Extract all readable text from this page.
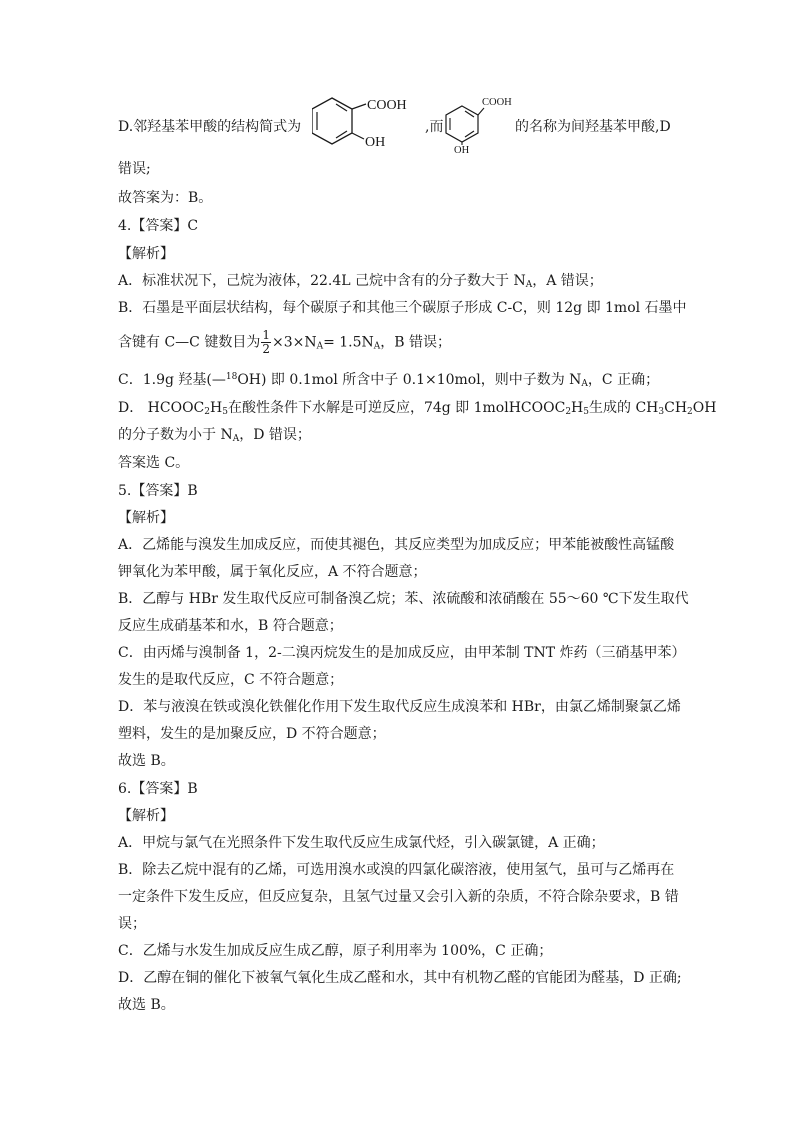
D.邻羟基苯甲酸的结构简式为
COOH
OH
,而
COOH
OH
的名称为间羟基苯甲酸,D
错误;
故答案为：B。
4.【答案】C
【解析】
A．标准状况下，己烷为液体，22.4L 己烷中含有的分子数大于 $N_A$，A 错误；
B．石墨是平面层状结构，每个碳原子和其他三个碳原子形成 C-C，则 12g 即 1mol 石墨中
含键有 C—C 键数目为 $\frac{1}{2} \times 3\times N_A= 1.5N_A$，B 错误；
C．1.9g 羟基(—$^{18}$OH) 即 0.1mol 所含中子 0.1×10mol，则中子数为 $N_A$，C 正确；
D． $HCOOC_2H_5$在酸性条件下水解是可逆反应，74g 即 $1molHCOOC_2H_5$生成的 $CH_3CH_2OH$
的分子数为小于 $N_A$，D 错误；
答案选 C。
5.【答案】B
【解析】
A．乙烯能与溴发生加成反应，而使其褪色，其反应类型为加成反应；甲苯能被酸性高锰酸
钾氧化为苯甲酸，属于氧化反应，A 不符合题意；
B．乙醇与 HBr 发生取代反应可制备溴乙烷；苯、浓硫酸和浓硝酸在 55～60 ℃下发生取代
反应生成硝基苯和水，B 符合题意；
C．由丙烯与溴制备 1，2-二溴丙烷发生的是加成反应，由甲苯制 TNT 炸药（三硝基甲苯）
发生的是取代反应，C 不符合题意；
D．苯与液溴在铁或溴化铁催化作用下发生取代反应生成溴苯和 HBr，由氯乙烯制聚氯乙烯
塑料，发生的是加聚反应，D 不符合题意；
故选 B。
6.【答案】B
【解析】
A．甲烷与氯气在光照条件下发生取代反应生成氯代烃，引入碳氯键，A 正确；
B．除去乙烷中混有的乙烯，可选用溴水或溴的四氯化碳溶液，使用氢气，虽可与乙烯再在
一定条件下发生反应，但反应复杂，且氢气过量又会引入新的杂质，不符合除杂要求，B 错
误；
C．乙烯与水发生加成反应生成乙醇，原子利用率为 100%，C 正确；
D．乙醇在铜的催化下被氧气氧化生成乙醛和水，其中有机物乙醛的官能团为醛基，D 正确;
故选 B。
